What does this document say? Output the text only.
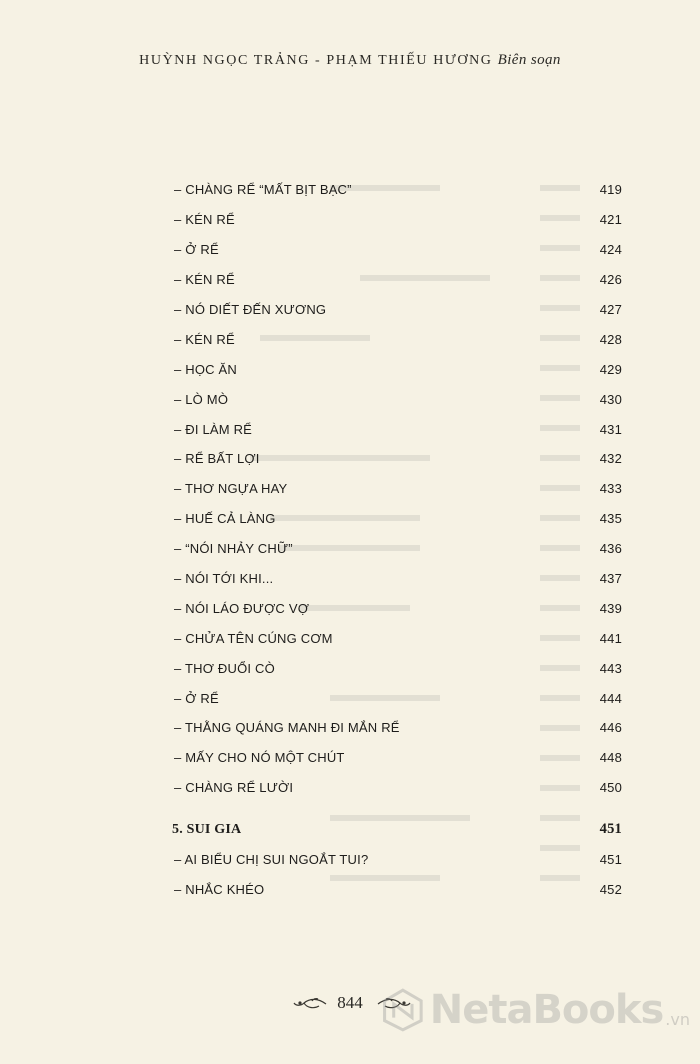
HUỲNH NGỌC TRẢNG - PHẠM THIẾU HƯƠNG Biên soạn
– CHÀNG RỂ “MẤT BỊT BẠC”	419
– KÉN RỂ	421
– Ở RỂ	424
– KÉN RỂ	426
– NÓ DIẾT ĐẾN XƯƠNG	427
– KÉN RỂ	428
– HỌC ĂN	429
– LÒ MÒ	430
– ĐI LÀM RỂ	431
– RỂ BẤT LỢI	432
– THƠ NGỰA HAY	433
– HUẾ CẢ LÀNG	435
– “NÓI NHẢY CHỮ”	436
– NÓI TỚI KHI...	437
– NÓI LÁO ĐƯỢC VỢ	439
– CHỬA TÊN CÚNG CƠM	441
– THƠ ĐUỔI CÒ	443
– Ở RỂ	444
– THẰNG QUÁNG MANH ĐI MẮN RỂ	446
– MẤY CHO NÓ MỘT CHÚT	448
– CHÀNG RỂ LƯỜI	450
5. SUI GIA	451
– AI BIỂU CHỊ SUI NGOẮT TUI?	451
– NHẮC KHÉO	452
844	NetaBooks .vn
